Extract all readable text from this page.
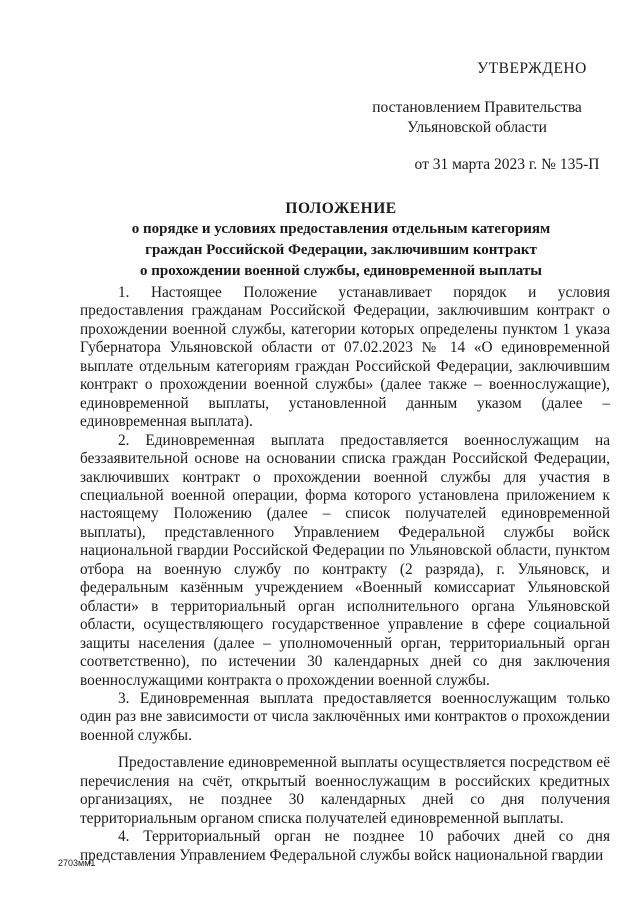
УТВЕРЖДЕНО
постановлением Правительства
Ульяновской области
от 31 марта 2023 г. № 135-П
ПОЛОЖЕНИЕ
о порядке и условиях предоставления отдельным категориям
граждан Российской Федерации, заключившим контракт
о прохождении военной службы, единовременной выплаты

1. Настоящее Положение устанавливает порядок и условия предоставления гражданам Российской Федерации, заключившим контракт о прохождении военной службы, категории которых определены пунктом 1 указа Губернатора Ульяновской области от 07.02.2023 № 14 «О единовременной выплате отдельным категориям граждан Российской Федерации, заключившим контракт о прохождении военной службы» (далее также – военнослужащие), единовременной выплаты, установленной данным указом (далее – единовременная выплата).

2. Единовременная выплата предоставляется военнослужащим на беззаявительной основе на основании списка граждан Российской Федерации, заключивших контракт о прохождении военной службы для участия в специальной военной операции, форма которого установлена приложением к настоящему Положению (далее – список получателей единовременной выплаты), представленного Управлением Федеральной службы войск национальной гвардии Российской Федерации по Ульяновской области, пунктом отбора на военную службу по контракту (2 разряда), г. Ульяновск, и федеральным казённым учреждением «Военный комиссариат Ульяновской области» в территориальный орган исполнительного органа Ульяновской области, осуществляющего государственное управление в сфере социальной защиты населения (далее – уполномоченный орган, территориальный орган соответственно), по истечении 30 календарных дней со дня заключения военнослужащими контракта о прохождении военной службы.

3. Единовременная выплата предоставляется военнослужащим только один раз вне зависимости от числа заключённых ими контрактов о прохождении военной службы.

Предоставление единовременной выплаты осуществляется посредством её перечисления на счёт, открытый военнослужащим в российских кредитных организациях, не позднее 30 календарных дней со дня получения территориальным органом списка получателей единовременной выплаты.

4. Территориальный орган не позднее 10 рабочих дней со дня представления Управлением Федеральной службы войск национальной гвардии

2703мм1
